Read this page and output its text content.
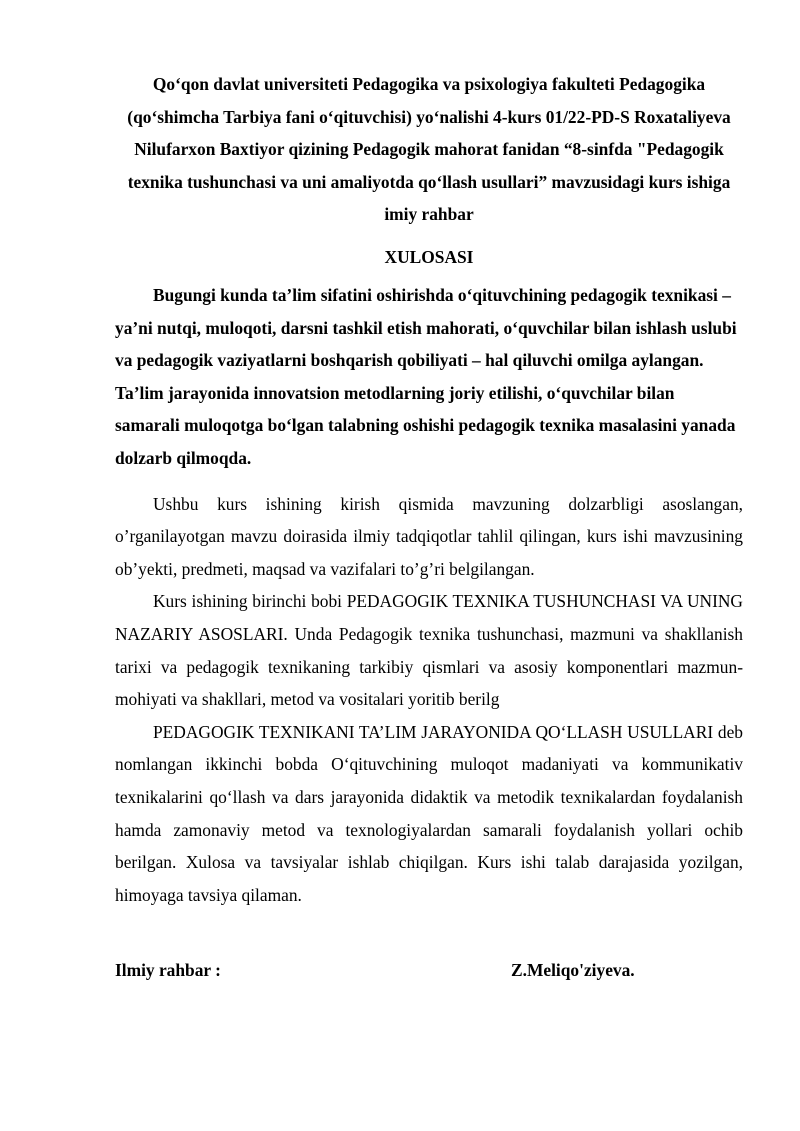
Qo‘qon davlat universiteti Pedagogika va psixologiya fakulteti Pedagogika (qo‘shimcha Tarbiya fani o‘qituvchisi) yo‘nalishi 4-kurs 01/22-PD-S Roxataliyeva Nilufarxon Baxtiyor qizining Pedagogik mahorat fanidan “8-sinfda "Pedagogik texnika tushunchasi va uni amaliyotda qo‘llash usullari” mavzusidagi kurs ishiga imiy rahbar

XULOSASI

Bugungi kunda ta’lim sifatini oshirishda o‘qituvchining pedagogik texnikasi – ya’ni nutqi, muloqoti, darsni tashkil etish mahorati, o‘quvchilar bilan ishlash uslubi va pedagogik vaziyatlarni boshqarish qobiliyati – hal qiluvchi omilga aylangan. Ta’lim jarayonida innovatsion metodlarning joriy etilishi, o‘quvchilar bilan samarali muloqotga bo‘lgan talabning oshishi pedagogik texnika masalasini yanada dolzarb qilmoqda.

Ushbu kurs ishining kirish qismida mavzuning dolzarbligi asoslangan, o’rganilayotgan mavzu doirasida ilmiy tadqiqotlar tahlil qilingan, kurs ishi mavzusining ob’yekti, predmeti, maqsad va vazifalari to’g’ri belgilangan.

Kurs ishining birinchi bobi PEDAGOGIK TEXNIKA TUSHUNCHASI VA UNING NAZARIY ASOSLARI. Unda Pedagogik texnika tushunchasi, mazmuni va shakllanish tarixi va pedagogik texnikaning tarkibiy qismlari va asosiy komponentlari mazmun-mohiyati va shakllari, metod va vositalari yoritib berilg

PEDAGOGIK TEXNIKANI TA’LIM JARAYONIDA QO‘LLASH USULLARI deb nomlangan ikkinchi bobda O‘qituvchining muloqot madaniyati va kommunikativ texnikalarini qo‘llash va dars jarayonida didaktik va metodik texnikalardan foydalanish hamda zamonaviy metod va texnologiyalardan samarali foydalanish yollari ochib berilgan. Xulosa va tavsiyalar ishlab chiqilgan. Kurs ishi talab darajasida yozilgan, himoyaga tavsiya qilaman.

Ilmiy rahbar :	Z.Meliqo'ziyeva.
